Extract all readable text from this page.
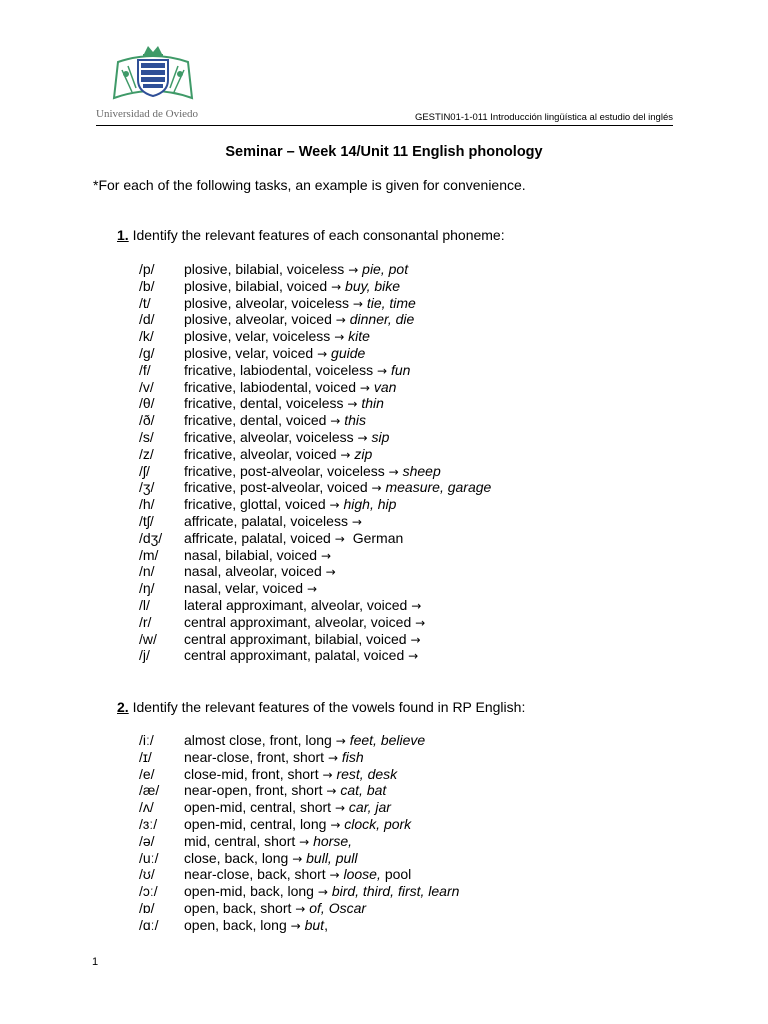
Universidad de Oviedo	GESTIN01-1-011 Introducción lingüística al estudio del inglés
Seminar – Week 14/Unit 11 English phonology
*For each of the following tasks, an example is given for convenience.
1. Identify the relevant features of each consonantal phoneme:
/p/ plosive, bilabial, voiceless → pie, pot
/b/ plosive, bilabial, voiced → buy, bike
/t/ plosive, alveolar, voiceless → tie, time
/d/ plosive, alveolar, voiced → dinner, die
/k/ plosive, velar, voiceless → kite
/g/ plosive, velar, voiced → guide
/f/ fricative, labiodental, voiceless → fun
/v/ fricative, labiodental, voiced → van
/θ/ fricative, dental, voiceless → thin
/ð/ fricative, dental, voiced → this
/s/ fricative, alveolar, voiceless → sip
/z/ fricative, alveolar, voiced → zip
/ʃ/ fricative, post-alveolar, voiceless → sheep
/ʒ/ fricative, post-alveolar, voiced → measure, garage
/h/ fricative, glottal, voiced → high, hip
/tʃ/ affricate, palatal, voiceless →
/dʒ/ affricate, palatal, voiced → German
/m/ nasal, bilabial, voiced →
/n/ nasal, alveolar, voiced →
/ŋ/ nasal, velar, voiced →
/l/ lateral approximant, alveolar, voiced →
/r/ central approximant, alveolar, voiced →
/w/ central approximant, bilabial, voiced →
/j/ central approximant, palatal, voiced →
2. Identify the relevant features of the vowels found in RP English:
/iː/ almost close, front, long → feet, believe
/ɪ/ near-close, front, short → fish
/e/ close-mid, front, short → rest, desk
/æ/ near-open, front, short → cat, bat
/ʌ/ open-mid, central, short → car, jar
/ɜː/ open-mid, central, long → clock, pork
/ə/ mid, central, short → horse,
/uː/ close, back, long → bull, pull
/ʊ/ near-close, back, short → loose, pool
/ɔː/ open-mid, back, long → bird, third, first, learn
/ɒ/ open, back, short → of, Oscar
/ɑː/ open, back, long → but,
1
